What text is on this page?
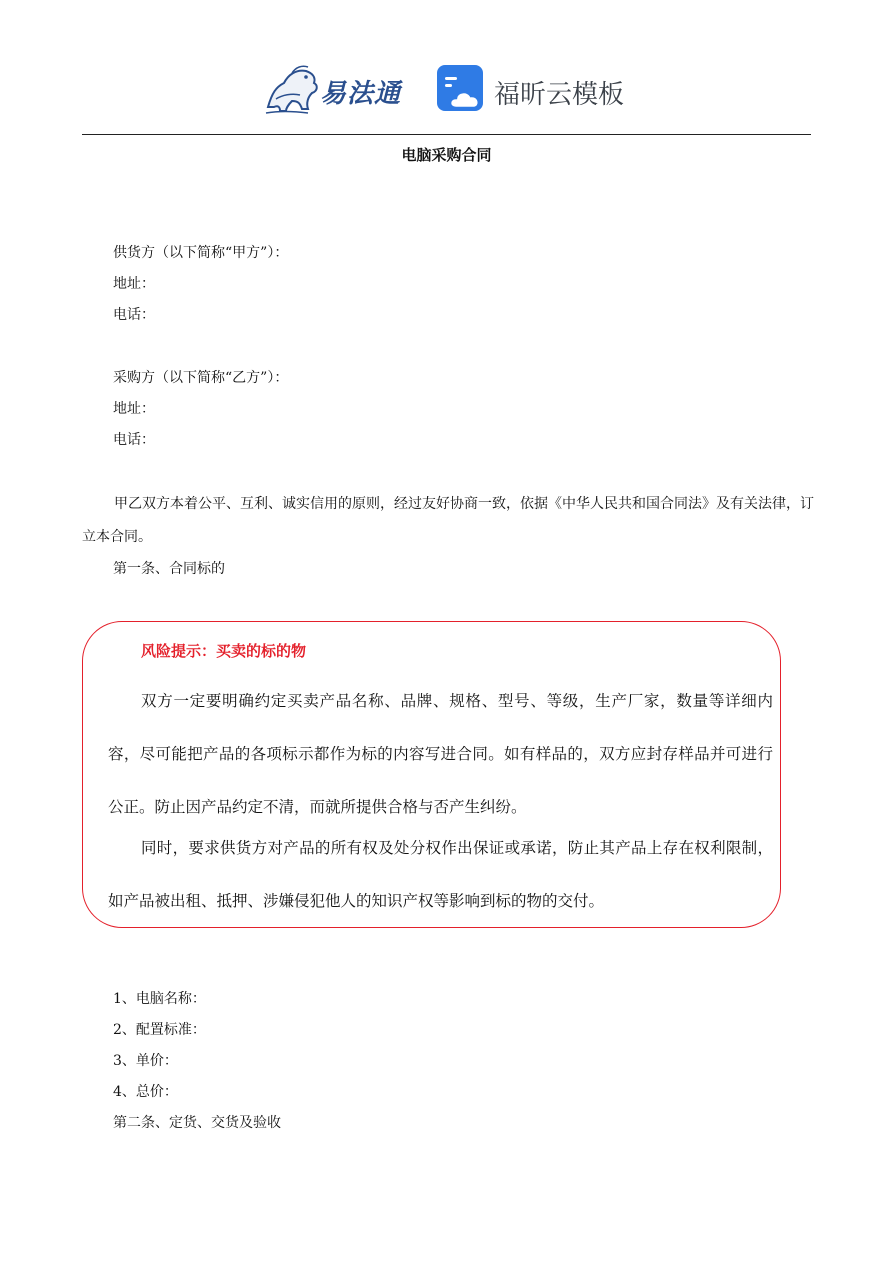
易法通	福昕云模板
电脑采购合同
供货方（以下简称“甲方”）：
地址：
电话：
采购方（以下简称“乙方”）：
地址：
电话：
甲乙双方本着公平、互利、诚实信用的原则，经过友好协商一致，依据《中华人民共和国合同法》及有关法律，订立本合同。
第一条、合同标的
风险提示：买卖的标的物
双方一定要明确约定买卖产品名称、品牌、规格、型号、等级，生产厂家，数量等详细内容，尽可能把产品的各项标示都作为标的内容写进合同。如有样品的，双方应封存样品并可进行公正。防止因产品约定不清，而就所提供合格与否产生纠纷。
同时，要求供货方对产品的所有权及处分权作出保证或承诺，防止其产品上存在权利限制，如产品被出租、抵押、涉嫌侵犯他人的知识产权等影响到标的物的交付。
1、电脑名称：
2、配置标准：
3、单价：
4、总价：
第二条、定货、交货及验收
